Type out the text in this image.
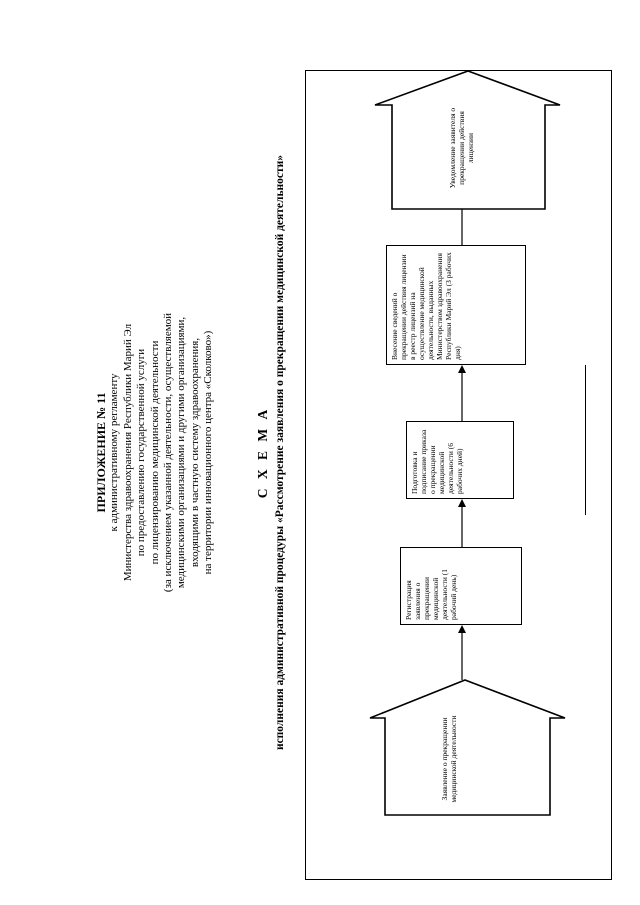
ПРИЛОЖЕНИЕ № 11 к административному регламенту Министерства здравоохранения Республики Марий Эл по предоставлению государственной услуги по лицензированию медицинской деятельности (за исключением указанной деятельности, осуществляемой медицинскими организациями и другими организациями, входящими в частную систему здравоохранения, на территории инновационного центра «Сколково»)	С Х Е М А исполнения административной процедуры «Рассмотрение заявления о прекращении медицинской деятельности»
Заявление о прекращении медицинской деятельности
Регистрация заявления о прекращении медицинской деятельности (1 рабочий день)
Подготовка и подписание приказа о прекращении медицинской деятельности (6 рабочих дней)
Внесение сведений о прекращении действия лицензии в реестр лицензий на осуществление медицинской деятельности, выданных Министерством здравоохранения Республики Марий Эл (3 рабочих дня)
Уведомление заявителя о прекращении действия лицензии
